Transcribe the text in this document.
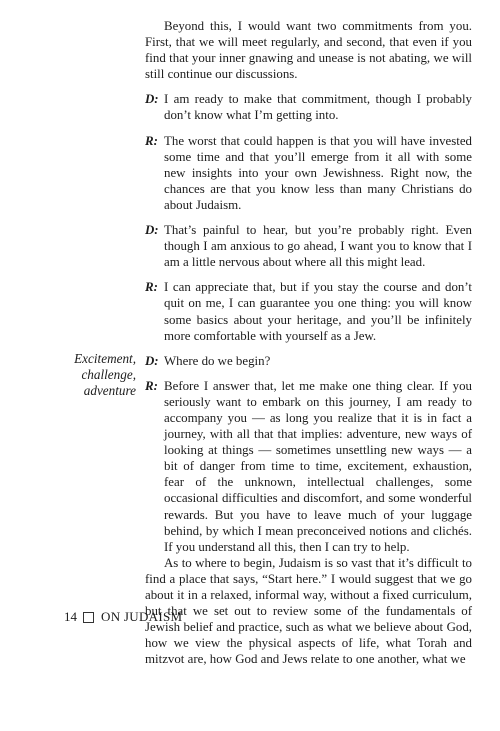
Beyond this, I would want two commitments from you. First, that we will meet regularly, and second, that even if you find that your inner gnawing and unease is not abating, we will still continue our discussions.

D: I am ready to make that commitment, though I probably don’t know what I’m getting into.

R: The worst that could happen is that you will have invested some time and that you’ll emerge from it all with some new insights into your own Jewishness. Right now, the chances are that you know less than many Christians do about Judaism.

D: That’s painful to hear, but you’re probably right. Even though I am anxious to go ahead, I want you to know that I am a little nervous about where all this might lead.

R: I can appreciate that, but if you stay the course and don’t quit on me, I can guarantee you one thing: you will know some basics about your heritage, and you’ll be infinitely more comfortable with yourself as a Jew.

D: Where do we begin?

R: Before I answer that, let me make one thing clear. If you seriously want to embark on this journey, I am ready to accompany you — as long you realize that it is in fact a journey, with all that that implies: adventure, new ways of looking at things — sometimes unsettling new ways — a bit of danger from time to time, excitement, exhaustion, fear of the unknown, intellectual challenges, some occasional difficulties and discomfort, and some wonderful rewards. But you have to leave much of your luggage behind, by which I mean preconceived notions and clichés. If you understand all this, then I can try to help.

As to where to begin, Judaism is so vast that it’s difficult to find a place that says, “Start here.” I would suggest that we go about it in a relaxed, informal way, without a fixed curriculum, but that we set out to review some of the fundamentals of Jewish belief and practice, such as what we believe about God, how we view the physical aspects of life, what Torah and mitzvot are, how God and Jews relate to one another, what we

Excitement,
challenge,
adventure
14 ON JUDAISM
